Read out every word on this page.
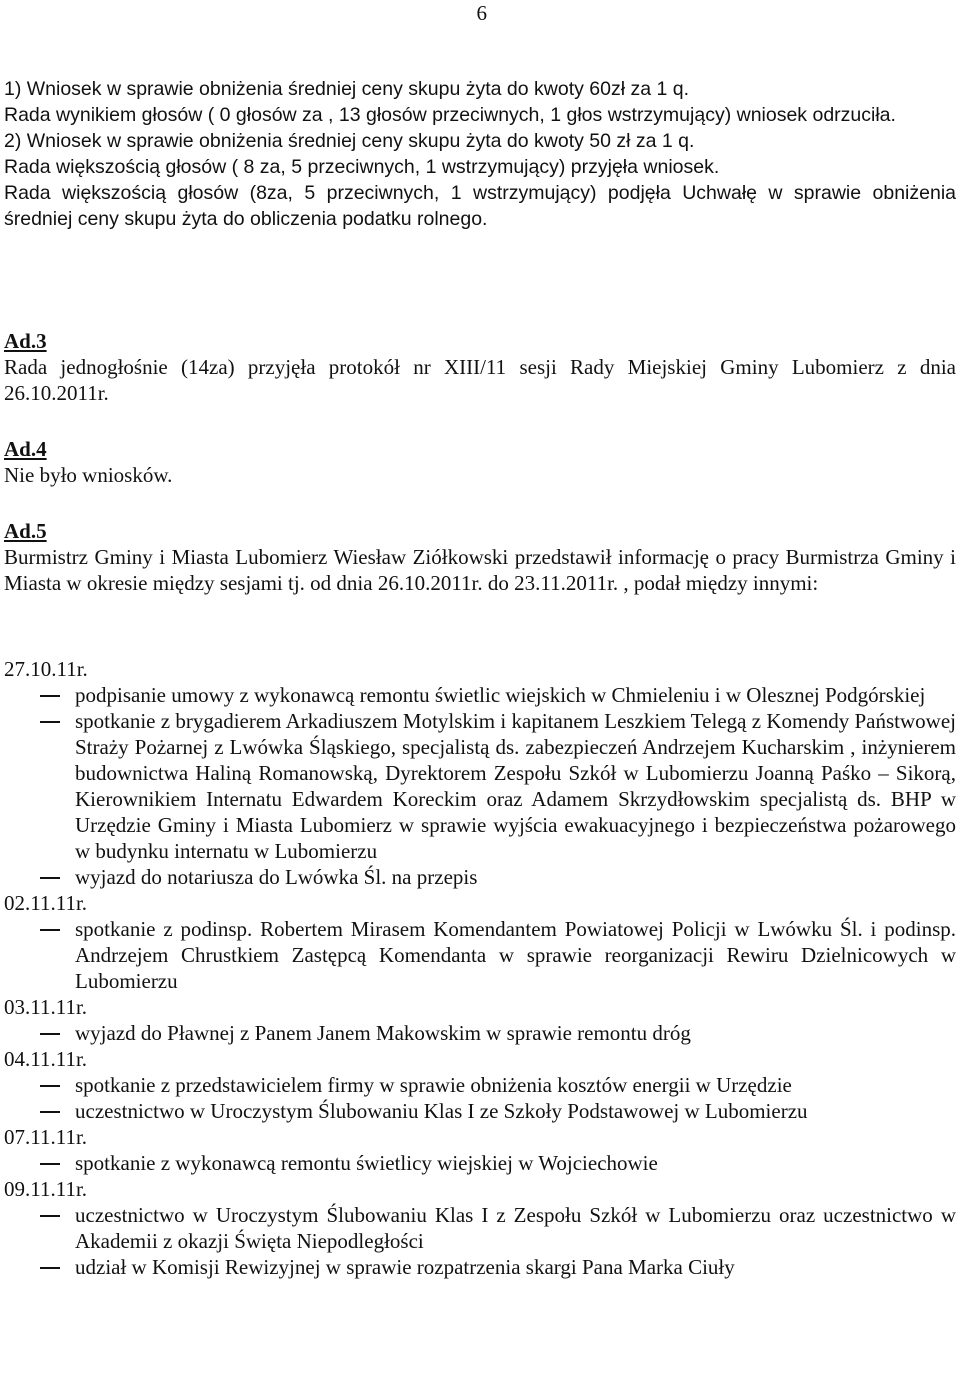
6
1) Wniosek w sprawie obniżenia średniej ceny skupu żyta do kwoty 60zł za 1 q.
Rada wynikiem głosów ( 0 głosów za , 13 głosów przeciwnych, 1 głos wstrzymujący) wniosek odrzuciła.
2) Wniosek w sprawie obniżenia średniej ceny skupu żyta do kwoty 50 zł za 1 q.
Rada większością głosów ( 8 za, 5 przeciwnych, 1 wstrzymujący) przyjęła wniosek.
Rada większością głosów (8za, 5 przeciwnych, 1 wstrzymujący) podjęła Uchwałę w sprawie obniżenia średniej ceny skupu żyta do obliczenia podatku rolnego.
Ad.3
Rada jednogłośnie (14za) przyjęła protokół nr XIII/11 sesji Rady Miejskiej Gminy Lubomierz z dnia 26.10.2011r.
Ad.4
Nie było wniosków.
Ad.5
Burmistrz Gminy i Miasta Lubomierz Wiesław Ziółkowski przedstawił informację o pracy Burmistrza Gminy i Miasta w okresie między sesjami tj. od dnia 26.10.2011r. do 23.11.2011r. , podał między innymi:
27.10.11r.
podpisanie umowy z wykonawcą remontu świetlic wiejskich w Chmieleniu i w Olesznej Podgórskiej
spotkanie z brygadierem Arkadiuszem Motylskim i kapitanem Leszkiem Telegą z Komendy Państwowej Straży Pożarnej z Lwówka Śląskiego, specjalistą ds. zabezpieczeń Andrzejem Kucharskim , inżynierem budownictwa Haliną Romanowską, Dyrektorem Zespołu Szkół w Lubomierzu Joanną Paśko – Sikorą, Kierownikiem Internatu Edwardem Koreckim oraz Adamem Skrzydłowskim specjalistą ds. BHP w Urzędzie Gminy i Miasta Lubomierz w sprawie wyjścia ewakuacyjnego i bezpieczeństwa pożarowego w budynku internatu w Lubomierzu
wyjazd do notariusza do Lwówka Śl. na przepis
02.11.11r.
spotkanie z podinsp. Robertem Mirasem Komendantem Powiatowej Policji w Lwówku Śl. i podinsp. Andrzejem Chrustkiem Zastępcą Komendanta w sprawie reorganizacji Rewiru Dzielnicowych w Lubomierzu
03.11.11r.
wyjazd do Pławnej z Panem Janem Makowskim w sprawie remontu dróg
04.11.11r.
spotkanie z przedstawicielem firmy w sprawie obniżenia kosztów energii w Urzędzie
uczestnictwo w Uroczystym Ślubowaniu Klas I ze Szkoły Podstawowej w Lubomierzu
07.11.11r.
spotkanie z wykonawcą remontu świetlicy wiejskiej w Wojciechowie
09.11.11r.
uczestnictwo w Uroczystym Ślubowaniu Klas I z Zespołu Szkół w Lubomierzu oraz uczestnictwo w Akademii z okazji Święta Niepodległości
udział w Komisji Rewizyjnej w sprawie rozpatrzenia skargi Pana Marka Ciuły
